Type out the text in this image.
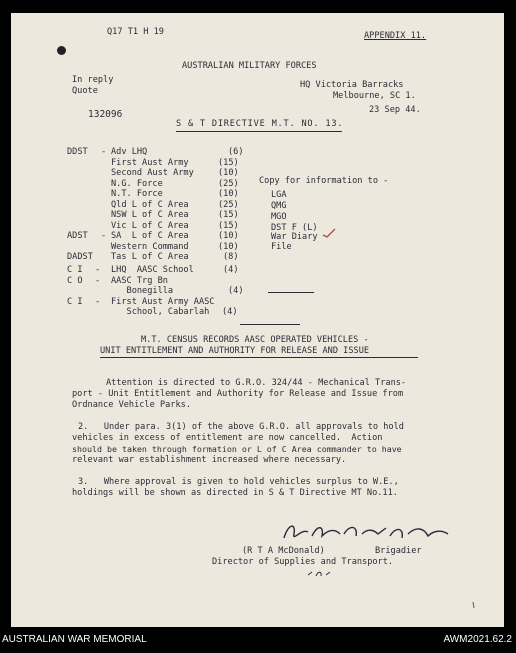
Q17 T1 H 19	APPENDIX 11.
AUSTRALIAN MILITARY FORCES
In reply
Quote
HQ Victoria Barracks
Melbourne, SC 1.
132096	23 Sep 44.
S & T DIRECTIVE M.T. NO. 13.
DDST - Adv LHQ	(6)
First Aust Army	(15)
Second Aust Army	(10)
N.G. Force	(25)
N.T. Force	(10)
Qld L of C Area	(25)
NSW L of C Area	(15)
Vic L of C Area	(15)
ADST - SA  L of C Area	(10)
Western Command	(10)
DADST Tas L of C Area	(8)
C I - LHQ  AASC School	(4)
C O - AASC Trg Bn
Bonegilla	(4)
C I - First Aust Army AASC
School, Cabarlah (4)
Copy for information to -
LGA
QMG
MGO
DST F (L)
War Diary
File
M.T. CENSUS RECORDS AASC OPERATED VEHICLES -
UNIT ENTITLEMENT AND AUTHORITY FOR RELEASE AND ISSUE
Attention is directed to G.R.O. 324/44 - Mechanical Trans-
port - Unit Entitlement and Authority for Release and Issue from
Ordnance Vehicle Parks.
2.   Under para. 3(1) of the above G.R.O. all approvals to hold
vehicles in excess of entitlement are now cancelled.  Action
should be taken through formation or L of C Area commander to have
relevant war establishment increased where necessary.
3.   Where approval is given to hold vehicles surplus to W.E.,
holdings will be shown as directed in S & T Directive MT No.11.
(R T A McDonald)	Brigadier
Director of Supplies and Transport.
AUSTRALIAN WAR MEMORIAL	AWM2021.62.2
